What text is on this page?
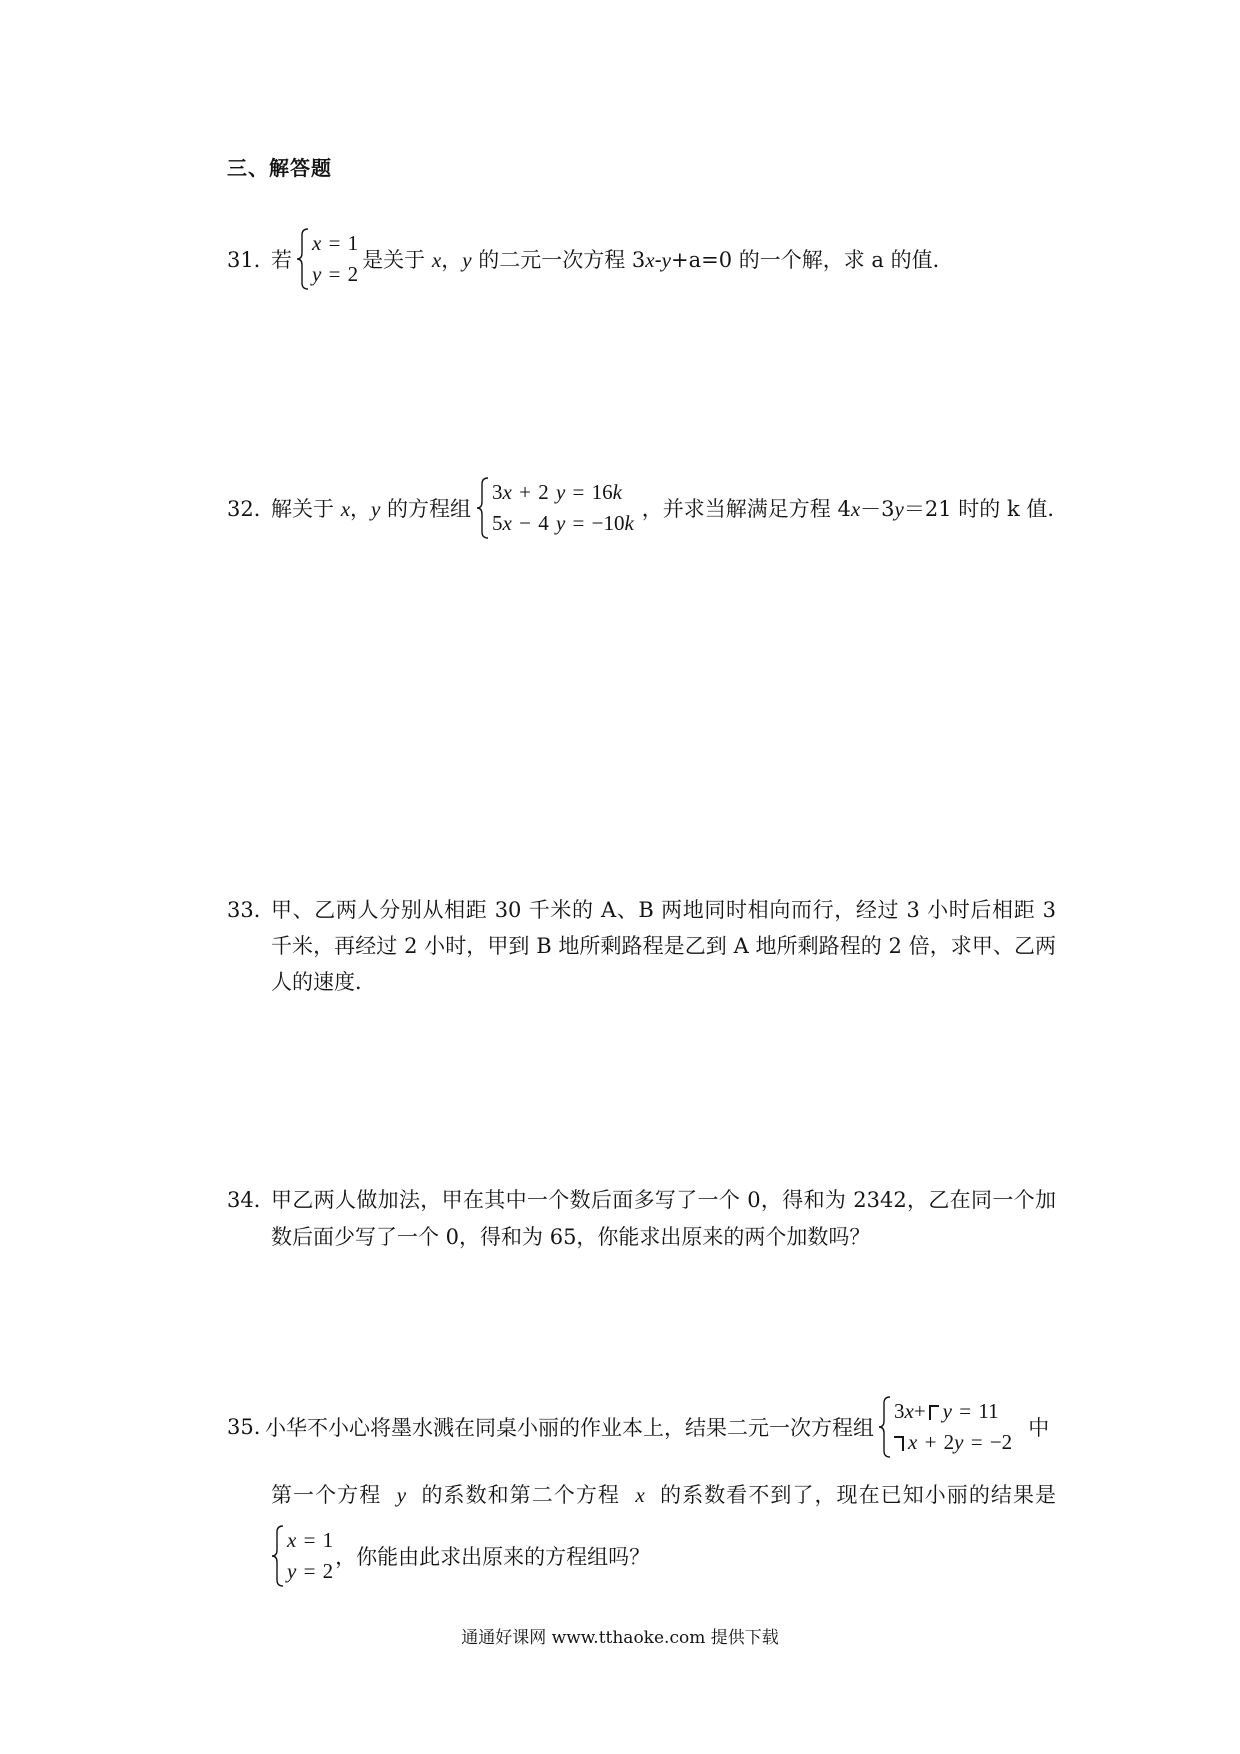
三、解答题
31．
若
x = 1
y = 2
是关于 x，y 的二元一次方程 3x-y+a=0 的一个解，求 a 的值．
32．
解关于 x，y 的方程组
3x + 2 y = 16k
5x − 4 y = −10k
，并求当解满足方程 4x－3y＝21 时的 k 值．
33．
甲、乙两人分别从相距 30 千米的 A、B 两地同时相向而行，经过 3 小时后相距 3
千米，再经过 2 小时，甲到 B 地所剩路程是乙到 A 地所剩路程的 2 倍，求甲、乙两
人的速度．
34．
甲乙两人做加法，甲在其中一个数后面多写了一个 0，得和为 2342，乙在同一个加
数后面少写了一个 0，得和为 65，你能求出原来的两个加数吗？
35. 小华不小心将墨水溅在同桌小丽的作业本上，结果二元一次方程组
3x+ y = 11
x + 2y = −2
中
第一个方程  y  的系数和第二个方程  x  的系数看不到了，现在已知小丽的结果是
x = 1
y = 2
，你能由此求出原来的方程组吗？
通通好课网 www.tthaoke.com 提供下载
